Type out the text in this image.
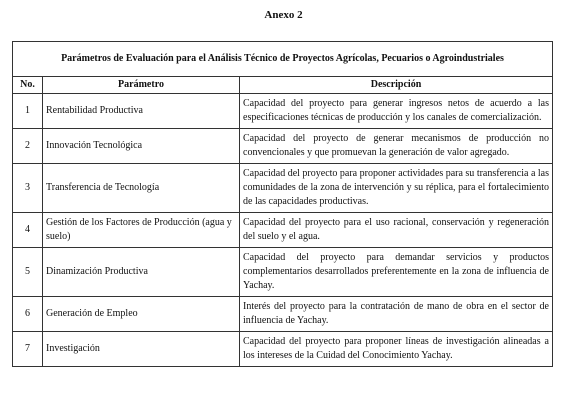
Anexo 2
Parámetros de Evaluación para el Análisis Técnico de Proyectos Agrícolas, Pecuarios o Agroindustriales		
No.	Parámetro	Descripción
1	Rentabilidad Productiva	Capacidad del proyecto para generar ingresos netos de acuerdo a las especificaciones técnicas de producción y los canales de comercialización.
2	Innovación Tecnológica	Capacidad del proyecto de generar mecanismos de producción no convencionales y que promuevan la generación de valor agregado.
3	Transferencia de Tecnología	Capacidad del proyecto para proponer actividades para su transferencia a las comunidades de la zona de intervención y su réplica, para el fortalecimiento de las capacidades productivas.
4	Gestión de los Factores de Producción (agua y suelo)	Capacidad del proyecto para el uso racional, conservación y regeneración del suelo y el agua.
5	Dinamización Productiva	Capacidad del proyecto para demandar servicios y productos complementarios desarrollados preferentemente en la zona de influencia de Yachay.
6	Generación de Empleo	Interés del proyecto para la contratación de mano de obra en el sector de influencia de Yachay.
7	Investigación	Capacidad del proyecto para proponer líneas de investigación alineadas a los intereses de la Cuidad del Conocimiento Yachay.
